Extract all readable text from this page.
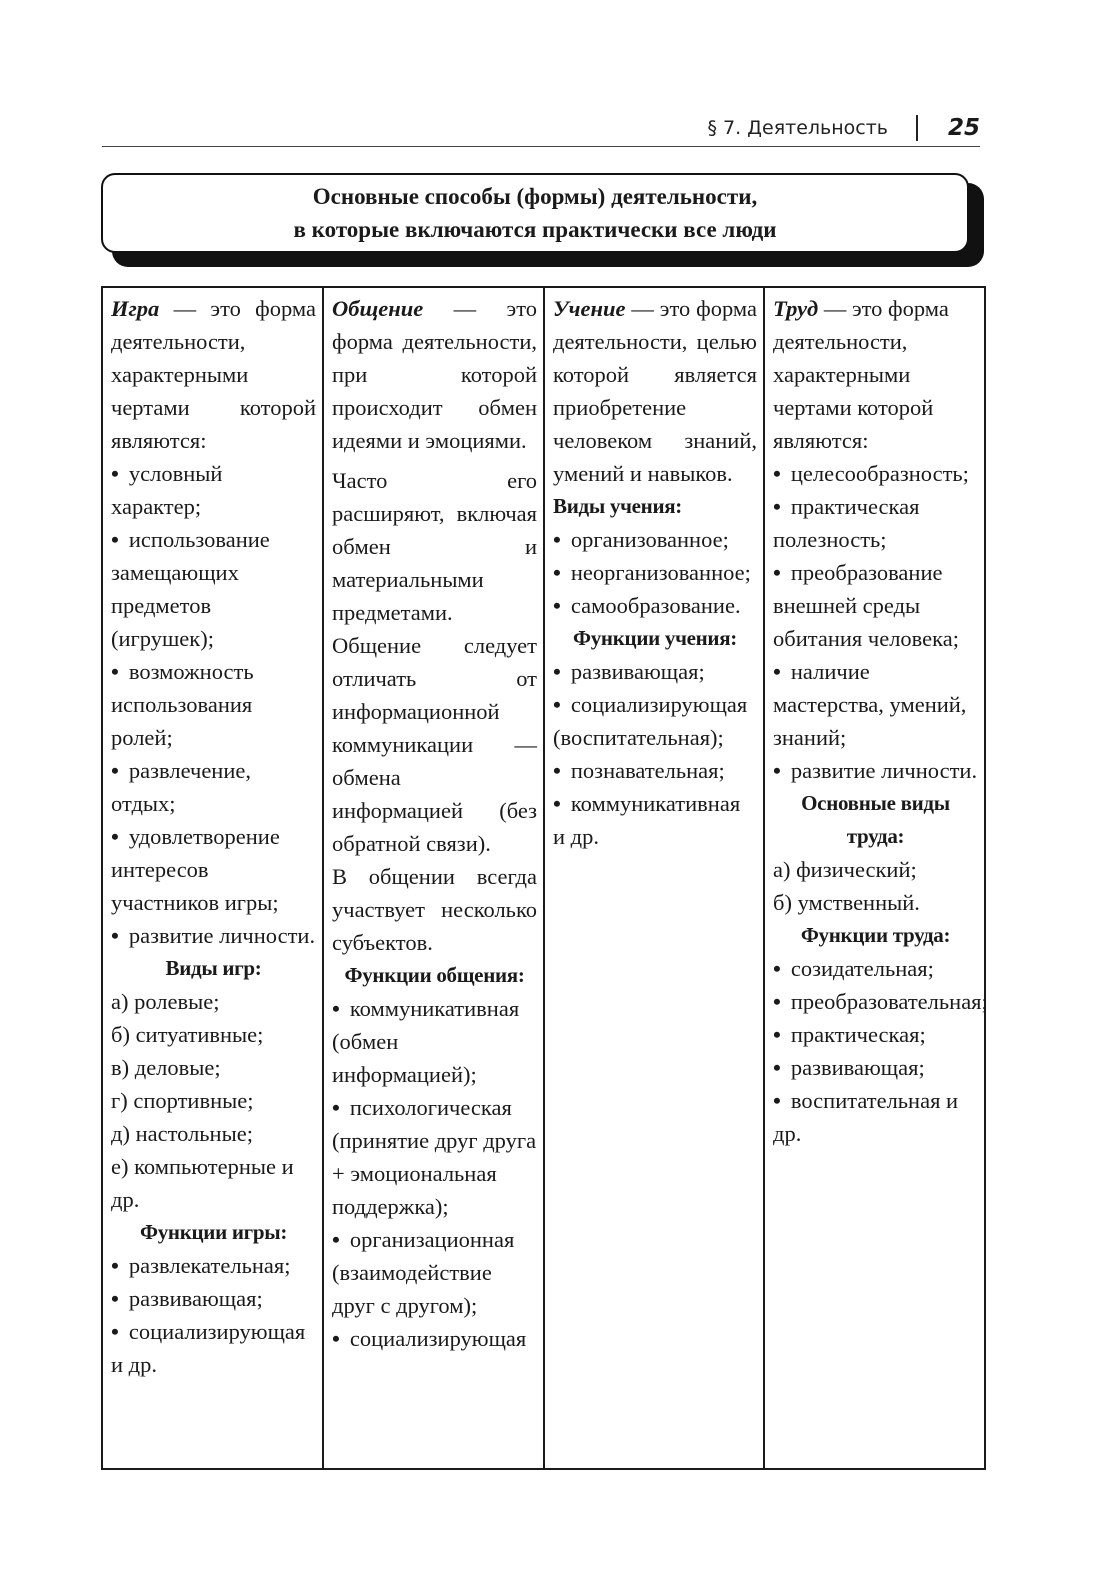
§ 7. Деятельность	25
Основные способы (формы) деятельности,
в которые включаются практически все люди

Игра — это форма деятельности, характерными чертами которой являются:

• условный характер;

• использование замещающих предметов (игрушек);

• возможность использования ролей;

• развлечение, отдых;

• удовлетворение интересов участников игры;

• развитие личности.

Виды игр:

а) ролевые;

б) ситуативные;

в) деловые;

г) спортивные;

д) настольные;

е) компьютерные и др.

Функции игры:

• развлекательная;

• развивающая;

• социализирующая и др.

Общение — это форма деятельности, при которой происходит обмен идеями и эмоциями.

Часто его расширяют, включая обмен и материальными предметами.

Общение следует отличать от информационной коммуникации — обмена информацией (без обратной связи).

В общении всегда участвует несколько субъектов.

Функции общения:

• коммуникативная (обмен информацией);

• психологическая (принятие друг друга + эмоциональная поддержка);

• организационная (взаимодействие друг с другом);

• социализирующая

Учение — это форма деятельности, целью которой является приобретение человеком знаний, умений и навыков.

Виды учения:

• организованное;

• неорганизованное;

• самообразование.

Функции учения:

• развивающая;

• социализирующая (воспитательная);

• познавательная;

• коммуникативная и др.

Труд — это форма деятельности, характерными чертами которой являются:

• целесообразность;

• практическая полезность;

• преобразование внешней среды обитания человека;

• наличие мастерства, умений, знаний;

• развитие личности.

Основные виды труда:

а) физический;

б) умственный.

Функции труда:

• созидательная;

• преобразовательная;

• практическая;

• развивающая;

• воспитательная и др.
